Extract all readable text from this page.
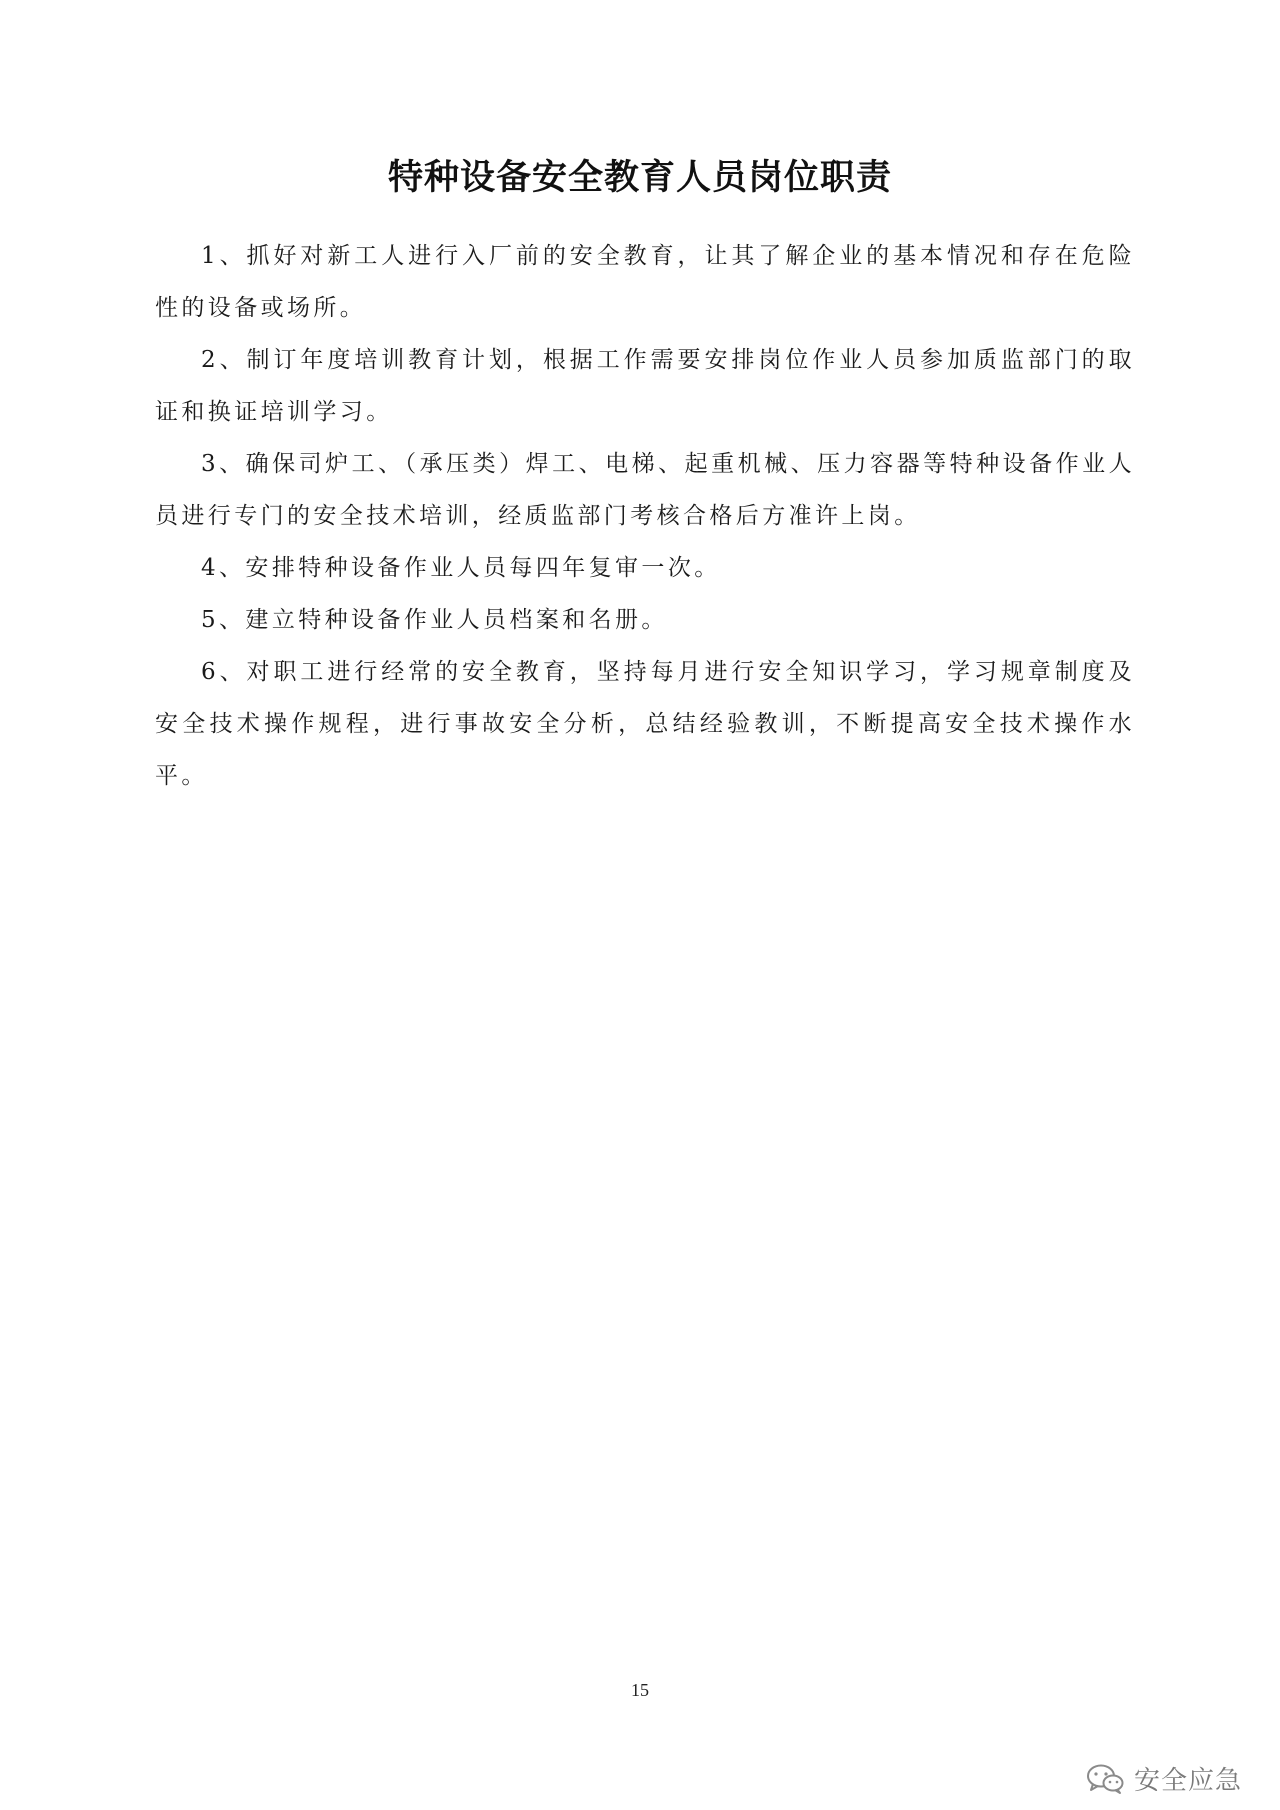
特种设备安全教育人员岗位职责

1、抓好对新工人进行入厂前的安全教育，让其了解企业的基本情况和存在危险性的设备或场所。

2、制订年度培训教育计划，根据工作需要安排岗位作业人员参加质监部门的取证和换证培训学习。

3、确保司炉工、（承压类）焊工、电梯、起重机械、压力容器等特种设备作业人员进行专门的安全技术培训，经质监部门考核合格后方准许上岗。

4、安排特种设备作业人员每四年复审一次。

5、建立特种设备作业人员档案和名册。

6、对职工进行经常的安全教育，坚持每月进行安全知识学习，学习规章制度及安全技术操作规程，进行事故安全分析，总结经验教训，不断提高安全技术操作水平。

15
安全应急
